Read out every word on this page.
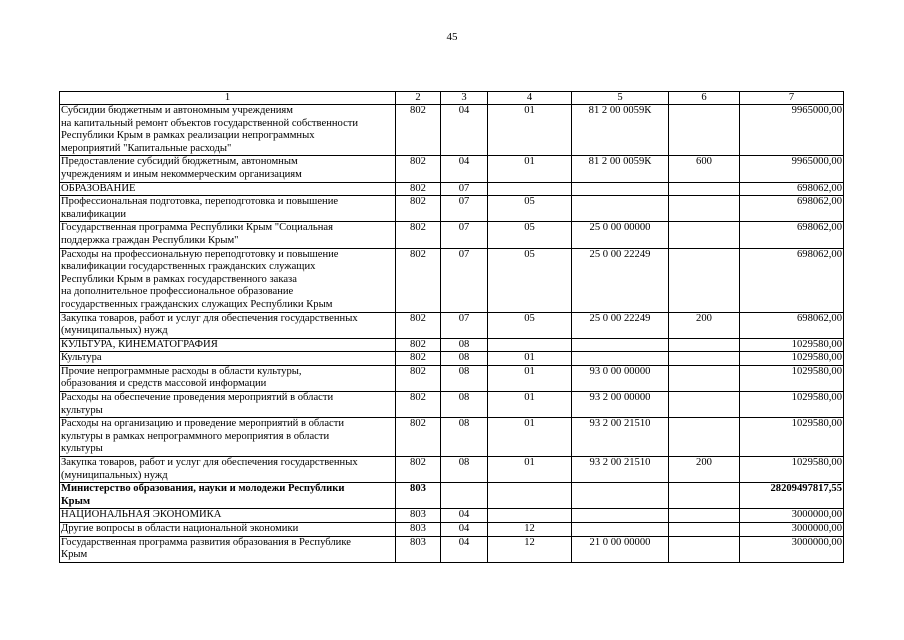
45
1	2	3	4	5	6	7

Субсидии бюджетным и автономным учреждениям
на капитальный ремонт объектов государственной собственности
Республики Крым в рамках реализации непрограммных
мероприятий "Капитальные расходы"	802	04	01	81 2 00 0059К		9965000,00

Предоставление субсидий бюджетным, автономным
учреждениям и иным некоммерческим организациям	802	04	01	81 2 00 0059К	600	9965000,00

ОБРАЗОВАНИЕ	802	07				698062,00

Профессиональная подготовка, переподготовка и повышение
квалификации	802	07	05			698062,00

Государственная программа Республики Крым "Социальная
поддержка граждан Республики Крым"	802	07	05	25 0 00 00000		698062,00

Расходы на профессиональную переподготовку и повышение
квалификации государственных гражданских служащих
Республики Крым в рамках государственного заказа
на дополнительное профессиональное образование
государственных гражданских служащих Республики Крым	802	07	05	25 0 00 22249		698062,00

Закупка товаров, работ и услуг для обеспечения государственных
(муниципальных) нужд	802	07	05	25 0 00 22249	200	698062,00

КУЛЬТУРА, КИНЕМАТОГРАФИЯ	802	08				1029580,00

Культура	802	08	01			1029580,00

Прочие непрограммные расходы в области культуры,
образования и средств массовой информации	802	08	01	93 0 00 00000		1029580,00

Расходы на обеспечение проведения мероприятий в области
культуры	802	08	01	93 2 00 00000		1029580,00

Расходы на организацию и проведение мероприятий в области
культуры в рамках непрограммного мероприятия в области
культуры	802	08	01	93 2 00 21510		1029580,00

Закупка товаров, работ и услуг для обеспечения государственных
(муниципальных) нужд	802	08	01	93 2 00 21510	200	1029580,00

Министерство образования, науки и молодежи Республики
Крым	803					28209497817,55

НАЦИОНАЛЬНАЯ ЭКОНОМИКА	803	04				3000000,00

Другие вопросы в области национальной экономики	803	04	12			3000000,00

Государственная программа развития образования в Республике
Крым	803	04	12	21 0 00 00000		3000000,00
